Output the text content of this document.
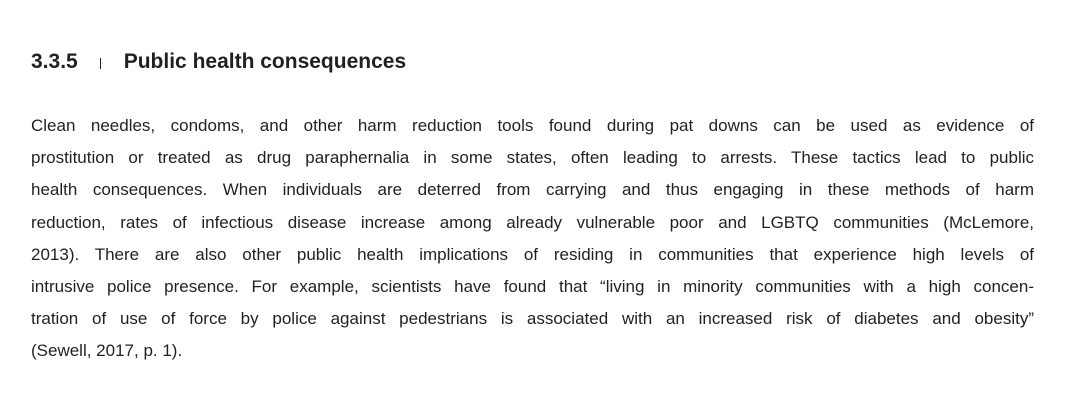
3.3.5 Public health consequences

Clean needles, condoms, and other harm reduction tools found during pat downs can be used as evidence of
prostitution or treated as drug paraphernalia in some states, often leading to arrests. These tactics lead to public
health consequences. When individuals are deterred from carrying and thus engaging in these methods of harm
reduction, rates of infectious disease increase among already vulnerable poor and LGBTQ communities (McLemore,
2013). There are also other public health implications of residing in communities that experience high levels of
intrusive police presence. For example, scientists have found that “living in minority communities with a high concen-
tration of use of force by police against pedestrians is associated with an increased risk of diabetes and obesity”
(Sewell, 2017, p. 1).
